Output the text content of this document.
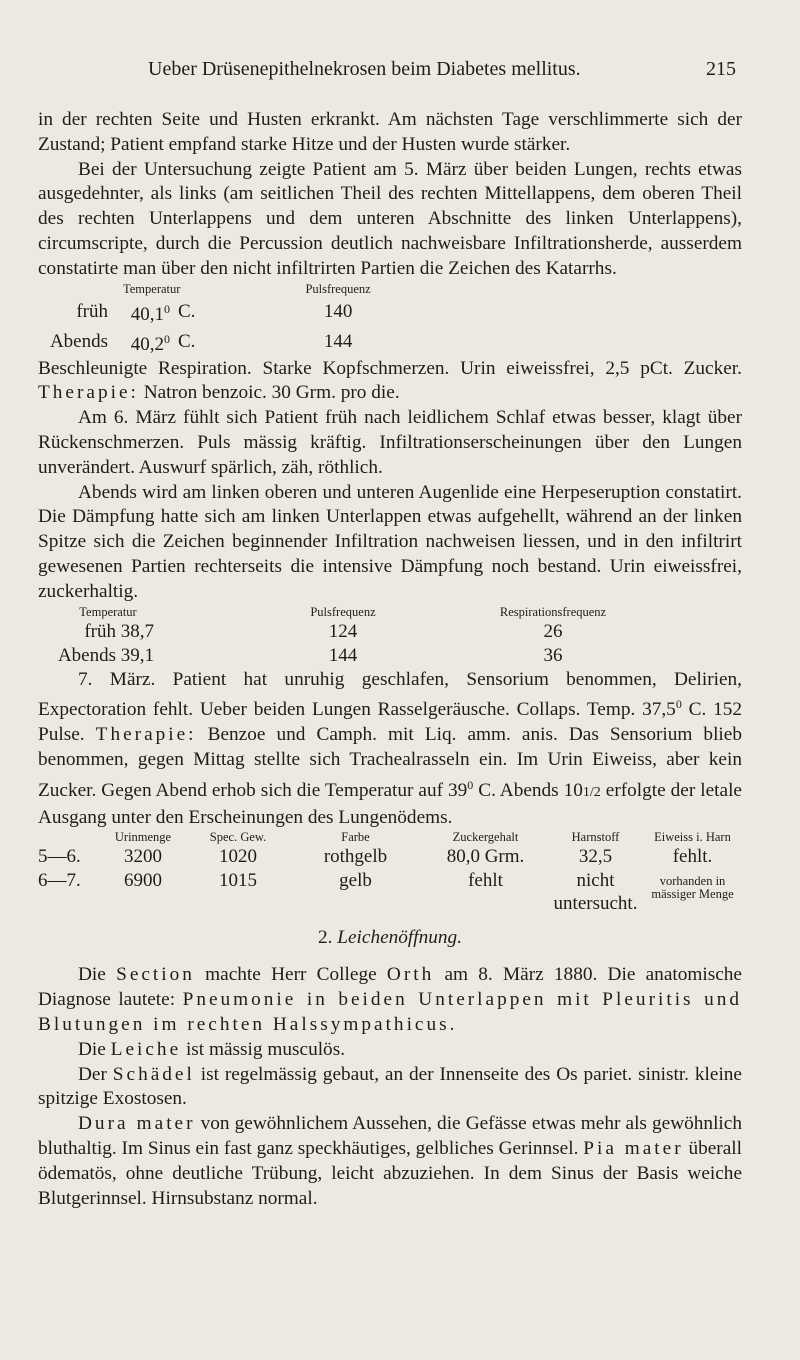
Ueber Drüsenepithelnekrosen beim Diabetes mellitus.	215

in der rechten Seite und Husten erkrankt. Am nächsten Tage verschlimmerte sich der Zustand; Patient empfand starke Hitze und der Husten wurde stärker.

Bei der Untersuchung zeigte Patient am 5. März über beiden Lungen, rechts etwas ausgedehnter, als links (am seitlichen Theil des rechten Mittellappens, dem oberen Theil des rechten Unterlappens und dem unteren Abschnitte des linken Unterlappens), circumscripte, durch die Percussion deutlich nachweisbare Infiltrationsherde, ausserdem constatirte man über den nicht infiltrirten Partien die Zeichen des Katarrhs.

	Temperatur			Pulsfrequenz
früh	40,1$^0$	C.		140
Abends	40,2$^0$	C.		144

Beschleunigte Respiration. Starke Kopfschmerzen. Urin eiweissfrei, 2,5 pCt. Zucker. Therapie: Natron benzoic. 30 Grm. pro die.

Am 6. März fühlt sich Patient früh nach leidlichem Schlaf etwas besser, klagt über Rückenschmerzen. Puls mässig kräftig. Infiltrationserscheinungen über den Lungen unverändert. Auswurf spärlich, zäh, röthlich.

Abends wird am linken oberen und unteren Augenlide eine Herpeseruption constatirt. Die Dämpfung hatte sich am linken Unterlappen etwas aufgehellt, während an der linken Spitze sich die Zeichen beginnender Infiltration nachweisen liessen, und in den infiltrirt gewesenen Partien rechterseits die intensive Dämpfung noch bestand. Urin eiweissfrei, zuckerhaltig.

Temperatur		Pulsfrequenz		Respirationsfrequenz
früh 38,7		124		26
Abends 39,1		144		36

7. März. Patient hat unruhig geschlafen, Sensorium benommen, Delirien, Expectoration fehlt. Ueber beiden Lungen Rasselgeräusche. Collaps. Temp. 37,5$^0$ C. 152 Pulse. Therapie: Benzoe und Camph. mit Liq. amm. anis. Das Sensorium blieb benommen, gegen Mittag stellte sich Trachealrasseln ein. Im Urin Eiweiss, aber kein Zucker. Gegen Abend erhob sich die Temperatur auf $39^0$ C. Abends 101/2 erfolgte der letale Ausgang unter den Erscheinungen des Lungenödems.

	Urinmenge	Spec. Gew.	Farbe	Zuckergehalt	Harnstoff	Eiweiss i. Harn
5—6.	3200	1020	rothgelb	80,0 Grm.	32,5	fehlt.
6—7.	6900	1015	gelb	fehlt	nicht untersucht.	vorhanden in mässiger Menge
2. Leichenöffnung.

Die Section machte Herr College Orth am 8. März 1880. Die anatomische Diagnose lautete: Pneumonie in beiden Unterlappen mit Pleuritis und Blutungen im rechten Halssympathicus.

Die Leiche ist mässig musculös.

Der Schädel ist regelmässig gebaut, an der Innenseite des Os pariet. sinistr. kleine spitzige Exostosen.

Dura mater von gewöhnlichem Aussehen, die Gefässe etwas mehr als gewöhnlich bluthaltig. Im Sinus ein fast ganz speckhäutiges, gelbliches Gerinnsel. Pia mater überall ödematös, ohne deutliche Trübung, leicht abzuziehen. In dem Sinus der Basis weiche Blutgerinnsel. Hirnsubstanz normal.
